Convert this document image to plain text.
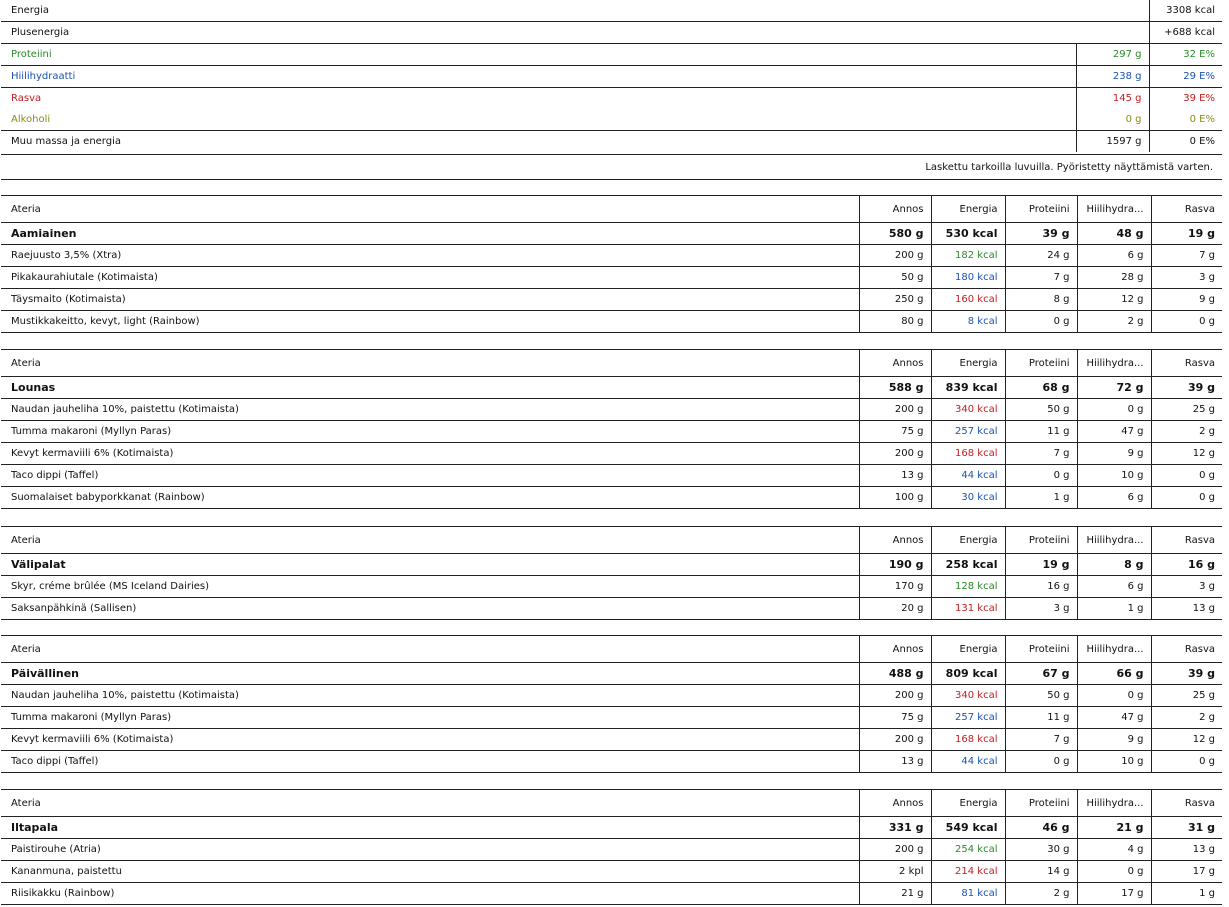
Energia		3308 kcal
Plusenergia		+688 kcal
Proteiini	297 g	32 E%
Hiilihydraatti	238 g	29 E%
Rasva	145 g	39 E%
Alkoholi	0 g	0 E%
Muu massa ja energia	1597 g	0 E%
Laskettu tarkoilla luvuilla. Pyöristetty näyttämistä varten.
Ateria	Annos	Energia	Proteiini	Hiilihydra...	Rasva
Aamiainen	580 g	530 kcal	39 g	48 g	19 g
Raejuusto 3,5% (Xtra)	200 g	182 kcal	24 g	6 g	7 g
Pikakaurahiutale (Kotimaista)	50 g	180 kcal	7 g	28 g	3 g
Täysmaito (Kotimaista)	250 g	160 kcal	8 g	12 g	9 g
Mustikkakeitto, kevyt, light (Rainbow)	80 g	8 kcal	0 g	2 g	0 g
Ateria	Annos	Energia	Proteiini	Hiilihydra...	Rasva
Lounas	588 g	839 kcal	68 g	72 g	39 g
Naudan jauheliha 10%, paistettu (Kotimaista)	200 g	340 kcal	50 g	0 g	25 g
Tumma makaroni (Myllyn Paras)	75 g	257 kcal	11 g	47 g	2 g
Kevyt kermaviili 6% (Kotimaista)	200 g	168 kcal	7 g	9 g	12 g
Taco dippi (Taffel)	13 g	44 kcal	0 g	10 g	0 g
Suomalaiset babyporkkanat (Rainbow)	100 g	30 kcal	1 g	6 g	0 g
Ateria	Annos	Energia	Proteiini	Hiilihydra...	Rasva
Välipalat	190 g	258 kcal	19 g	8 g	16 g
Skyr, créme brûlée (MS Iceland Dairies)	170 g	128 kcal	16 g	6 g	3 g
Saksanpähkinä (Sallisen)	20 g	131 kcal	3 g	1 g	13 g
Ateria	Annos	Energia	Proteiini	Hiilihydra...	Rasva
Päivällinen	488 g	809 kcal	67 g	66 g	39 g
Naudan jauheliha 10%, paistettu (Kotimaista)	200 g	340 kcal	50 g	0 g	25 g
Tumma makaroni (Myllyn Paras)	75 g	257 kcal	11 g	47 g	2 g
Kevyt kermaviili 6% (Kotimaista)	200 g	168 kcal	7 g	9 g	12 g
Taco dippi (Taffel)	13 g	44 kcal	0 g	10 g	0 g
Ateria	Annos	Energia	Proteiini	Hiilihydra...	Rasva
Iltapala	331 g	549 kcal	46 g	21 g	31 g
Paistirouhe (Atria)	200 g	254 kcal	30 g	4 g	13 g
Kananmuna, paistettu	2 kpl	214 kcal	14 g	0 g	17 g
Riisikakku (Rainbow)	21 g	81 kcal	2 g	17 g	1 g
